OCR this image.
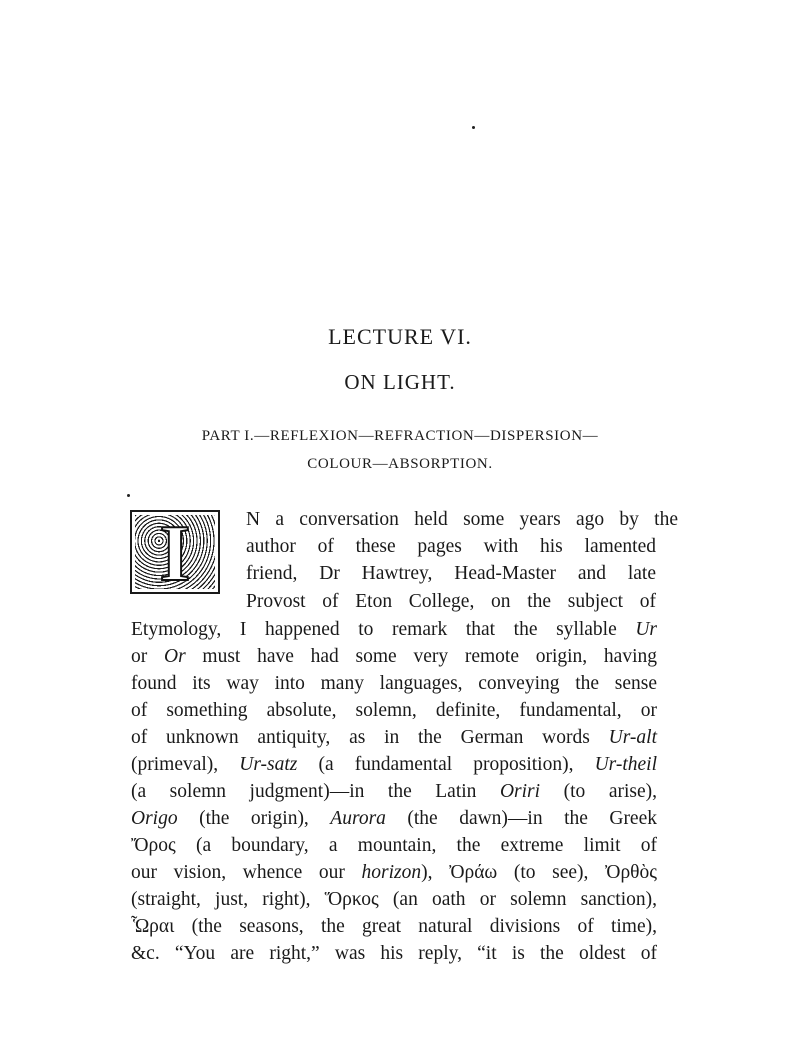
LECTURE VI.
ON LIGHT.
PART I.—REFLEXION—REFRACTION—DISPERSION—
COLOUR—ABSORPTION.
I	N a conversation held some years ago by the
author of these pages with his lamented
friend, Dr Hawtrey, Head-Master and late
Provost of Eton College, on the subject of
Etymology, I happened to remark that the syllable Ur
or Or must have had some very remote origin, having
found its way into many languages, conveying the sense
of something absolute, solemn, definite, fundamental, or
of unknown antiquity, as in the German words Ur-alt
(primeval), Ur-satz (a fundamental proposition), Ur-theil
(a solemn judgment)—in the Latin Oriri (to arise),
Origo (the origin), Aurora (the dawn)—in the Greek
Ὄρος (a boundary, a mountain, the extreme limit of
our vision, whence our horizon), Ὀράω (to see), Ὀρθὸς
(straight, just, right), Ὅρκος (an oath or solemn sanction),
Ὧραι (the seasons, the great natural divisions of time),
&c. “You are right,” was his reply, “it is the oldest of
